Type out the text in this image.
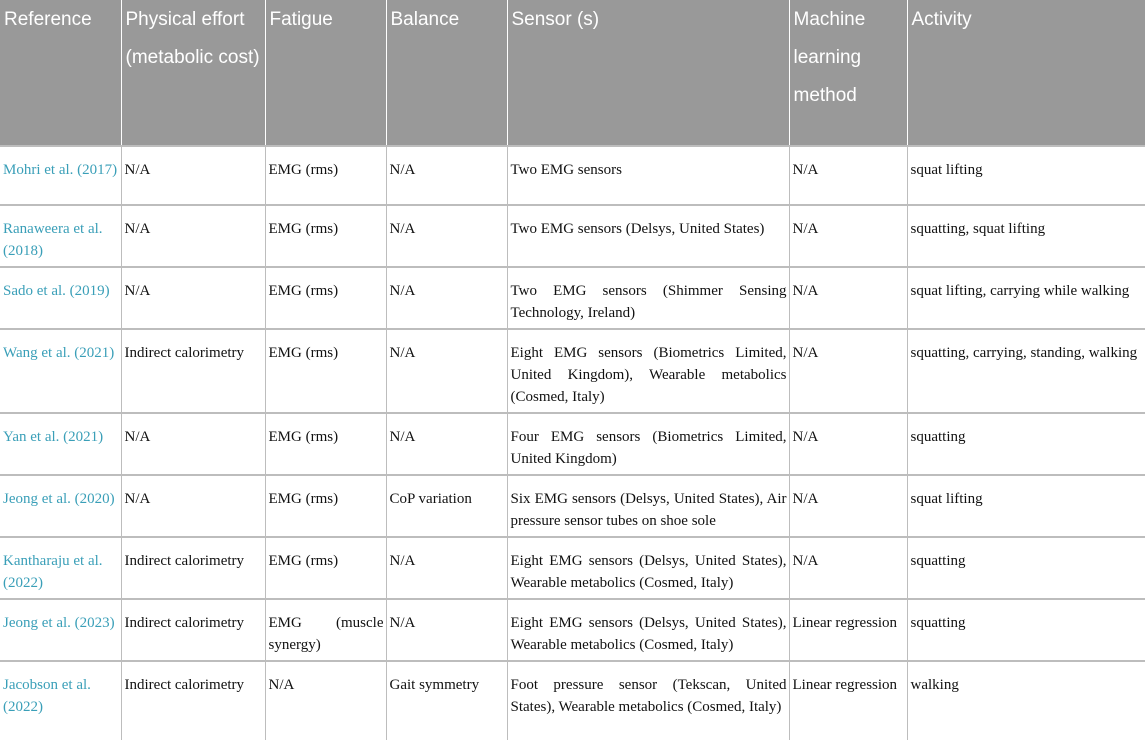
Reference	Physical effort (metabolic cost)	Fatigue	Balance	Sensor (s)	Machine learning method	Activity
Mohri et al. (2017)	N/A	EMG (rms)	N/A	Two EMG sensors	N/A	squat lifting
Ranaweera et al. (2018)	N/A	EMG (rms)	N/A	Two EMG sensors (Delsys, United States)	N/A	squatting, squat lifting
Sado et al. (2019)	N/A	EMG (rms)	N/A	Two EMG sensors (Shimmer Sensing Technology, Ireland)	N/A	squat lifting, carrying while walking
Wang et al. (2021)	Indirect calorimetry	EMG (rms)	N/A	Eight EMG sensors (Biometrics Limited, United Kingdom), Wearable metabolics (Cosmed, Italy)	N/A	squatting, carrying, standing, walking
Yan et al. (2021)	N/A	EMG (rms)	N/A	Four EMG sensors (Biometrics Limited, United Kingdom)	N/A	squatting
Jeong et al. (2020)	N/A	EMG (rms)	CoP variation	Six EMG sensors (Delsys, United States), Air pressure sensor tubes on shoe sole	N/A	squat lifting
Kantharaju et al. (2022)	Indirect calorimetry	EMG (rms)	N/A	Eight EMG sensors (Delsys, United States), Wearable metabolics (Cosmed, Italy)	N/A	squatting
Jeong et al. (2023)	Indirect calorimetry	EMG (muscle synergy)	N/A	Eight EMG sensors (Delsys, United States), Wearable metabolics (Cosmed, Italy)	Linear regression	squatting
Jacobson et al. (2022)	Indirect calorimetry	N/A	Gait symmetry	Foot pressure sensor (Tekscan, United States), Wearable metabolics (Cosmed, Italy)	Linear regression	walking
